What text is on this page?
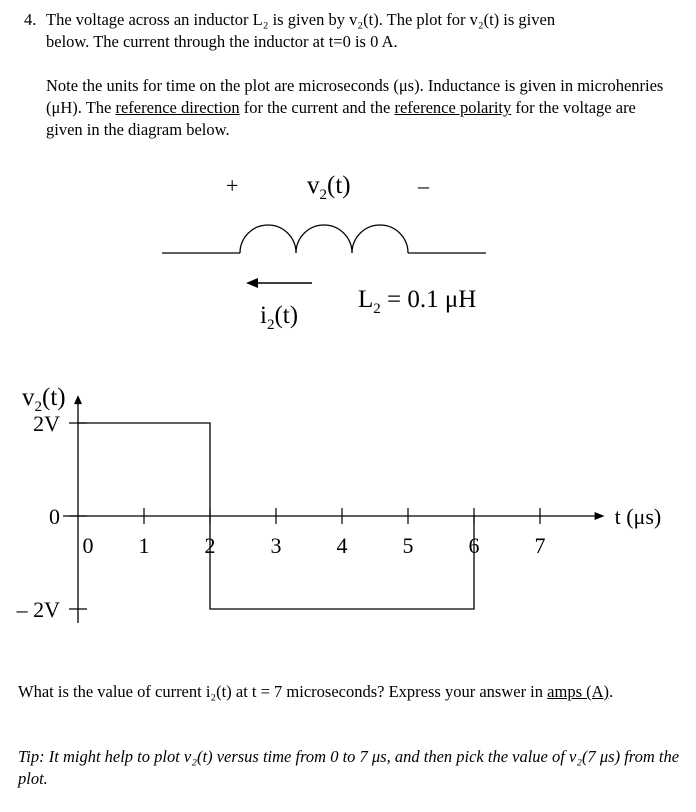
4. The voltage across an inductor L₂ is given by v₂(t). The plot for v₂(t) is given
below. The current through the inductor at t=0 is 0 A.
Note the units for time on the plot are microseconds (μs). Inductance is given in microhenries (μH). The reference direction for the current and the reference polarity for the voltage are given in the diagram below.
+	$v_2(t)$	–
$i_2(t)$
$L_2 = 0.1$ μH
$v_2(t)$
t (μs)
2V
0
– 2V
0 1	2	3	4	5	6	7
What is the value of current i₂(t) at t = 7 microseconds? Express your answer in amps (A).
Tip: It might help to plot v₂(t) versus time from 0 to 7 μs, and then pick the value of v₂(7 μs) from the plot.
